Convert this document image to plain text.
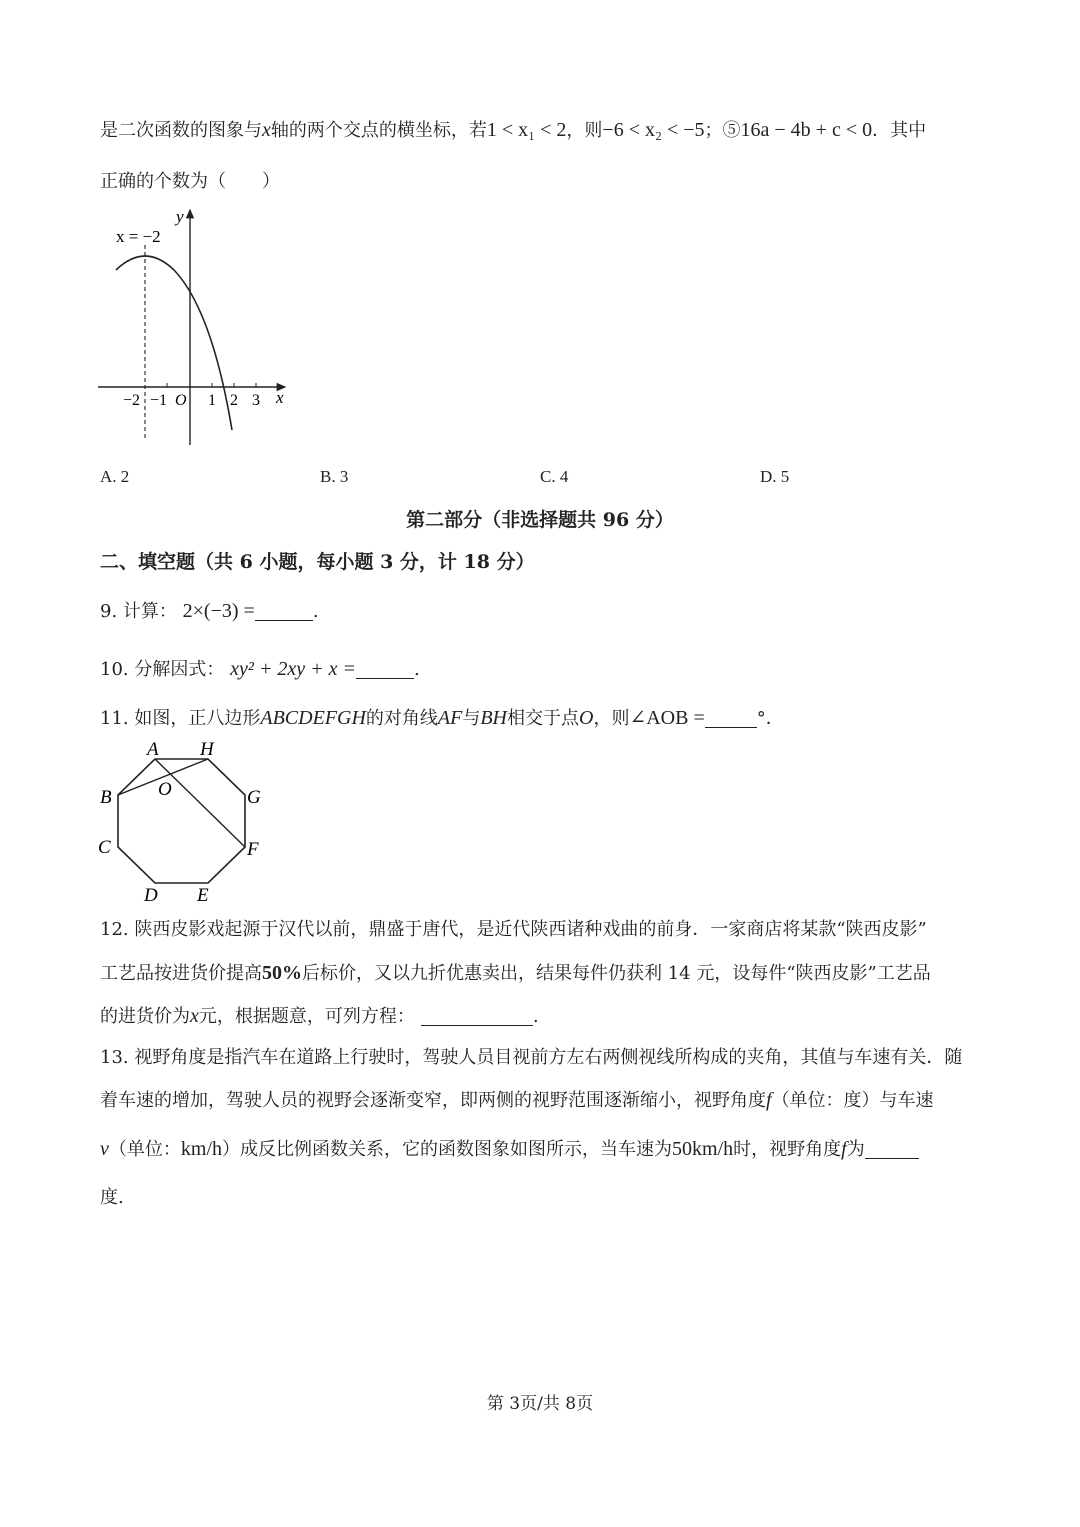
是二次函数的图象与x轴的两个交点的横坐标，若1 < x₁ < 2，则−6 < x₂ < −5；⑤16a − 4b + c < 0．其中
正确的个数为（　　）
x = −2
y
x
O
−2 −1	1 2 3
A. 2	B. 3	C. 4	D. 5
第二部分（非选择题共 96 分）
二、填空题（共 6 小题，每小题 3 分，计 18 分）
9. 计算： 2×(−3) =	.
10. 分解因式： xy² + 2xy + x =	.
11. 如图，正八边形ABCDEFGH的对角线AF与BH相交于点O，则∠AOB =	°．
A H
B O	G
C	F
D E
12. 陕西皮影戏起源于汉代以前，鼎盛于唐代，是近代陕西诸种戏曲的前身．一家商店将某款“陕西皮影”
工艺品按进货价提高50%后标价，又以九折优惠卖出，结果每件仍获利 14 元，设每件“陕西皮影”工艺品
的进货价为x元，根据题意，可列方程：	.
13. 视野角度是指汽车在道路上行驶时，驾驶人员目视前方左右两侧视线所构成的夹角，其值与车速有关．随
着车速的增加，驾驶人员的视野会逐渐变窄，即两侧的视野范围逐渐缩小，视野角度f（单位：度）与车速
v（单位：km/h）成反比例函数关系，它的函数图象如图所示，当车速为50km/h时，视野角度f为
度.
第 3页/共 8页
